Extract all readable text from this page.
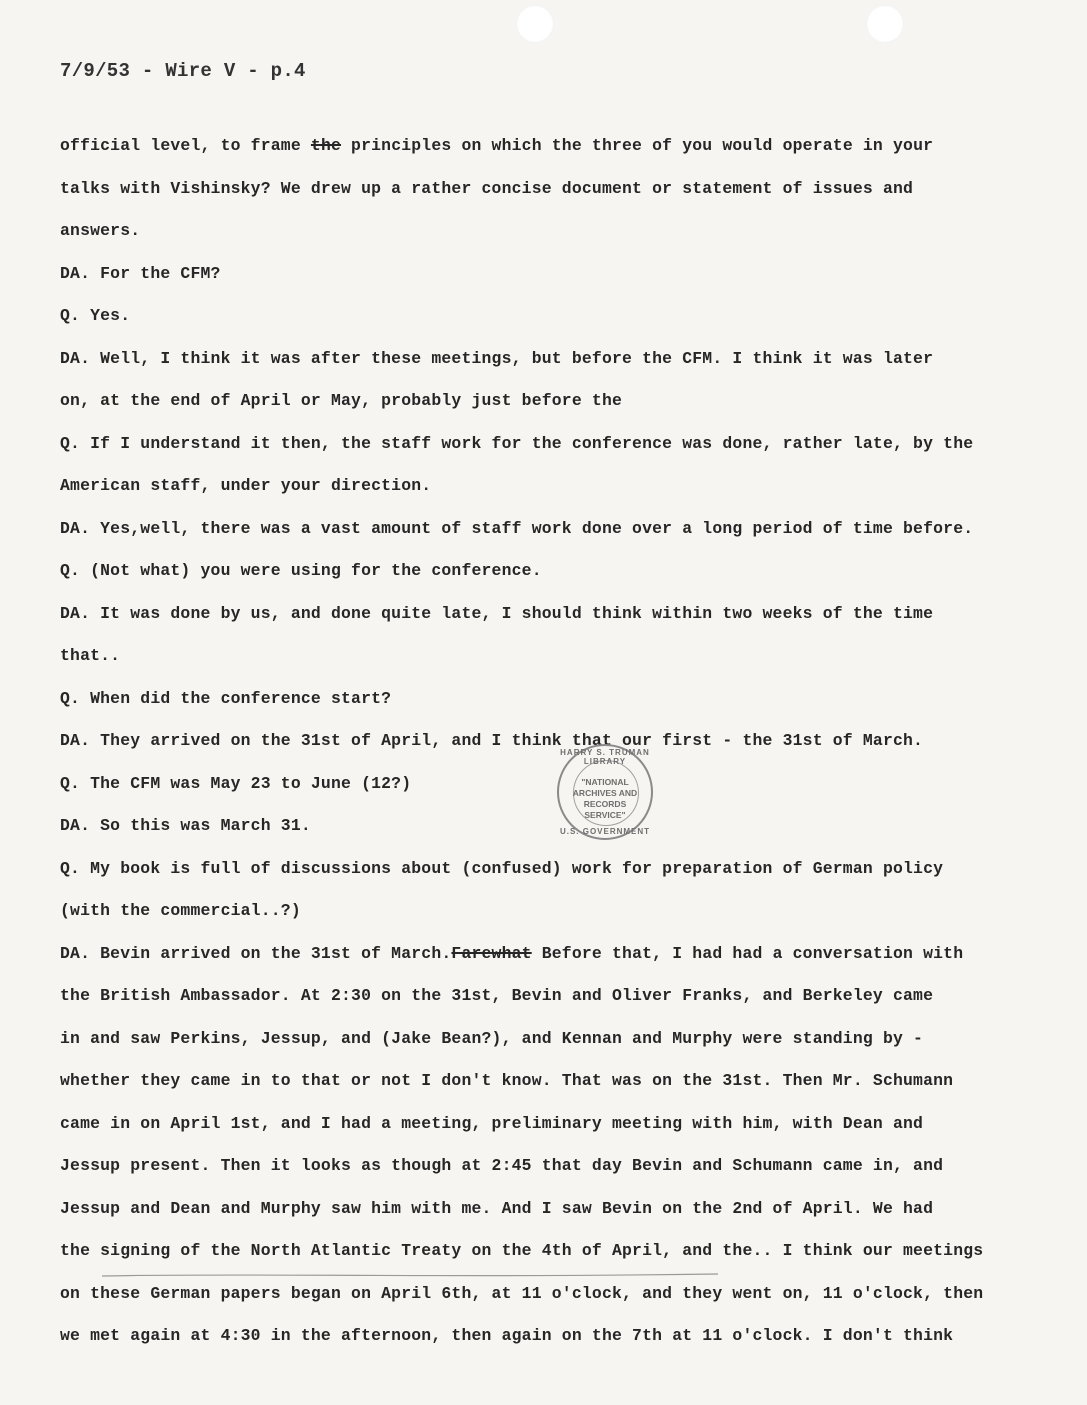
7/9/53 - Wire V - p.4
official level, to frame the principles on which the three of you would operate in your
talks with Vishinsky? We drew up a rather concise document or statement of issues and
answers.
DA. For the CFM?
Q. Yes.
DA. Well, I think it was after these meetings, but before the CFM. I think it was later
on, at the end of April or May, probably just before the
Q. If I understand it then, the staff work for the conference was done, rather late, by the
American staff, under your direction.
DA. Yes,well, there was a vast amount of staff work done over a long period of time before.
Q. (Not what) you were using for the conference.
DA. It was done by us, and done quite late, I should think within two weeks of the time
that..
Q. When did the conference start?
DA. They arrived on the 31st of April, and I think that our first - the 31st of March.
Q. The CFM was May 23 to June (12?)
DA. So this was March 31.
Q. My book is full of discussions about (confused) work for preparation of German policy
(with the commercial..?)
DA. Bevin arrived on the 31st of March.Farewhat Before that, I had had a conversation with
the British Ambassador. At 2:30 on the 31st, Bevin and Oliver Franks, and Berkeley came
in and saw Perkins, Jessup, and (Jake Bean?), and Kennan and Murphy were standing by -
whether they came in to that or not I don't know. That was on the 31st. Then Mr. Schumann
came in on April 1st, and I had a meeting, preliminary meeting with him, with Dean and
Jessup present. Then it looks as though at 2:45 that day Bevin and Schumann came in, and
Jessup and Dean and Murphy saw him with me. And I saw Bevin on the 2nd of April. We had
the signing of the North Atlantic Treaty on the 4th of April, and the.. I think our meetings
on these German papers began on April 6th, at 11 o'clock, and they went on, 11 o'clock, then
we met again at 4:30 in the afternoon, then again on the 7th at 11 o'clock. I don't think
HARRY S. TRUMAN LIBRARY
"NATIONAL
ARCHIVES AND
RECORDS
SERVICE"
U.S. GOVERNMENT
